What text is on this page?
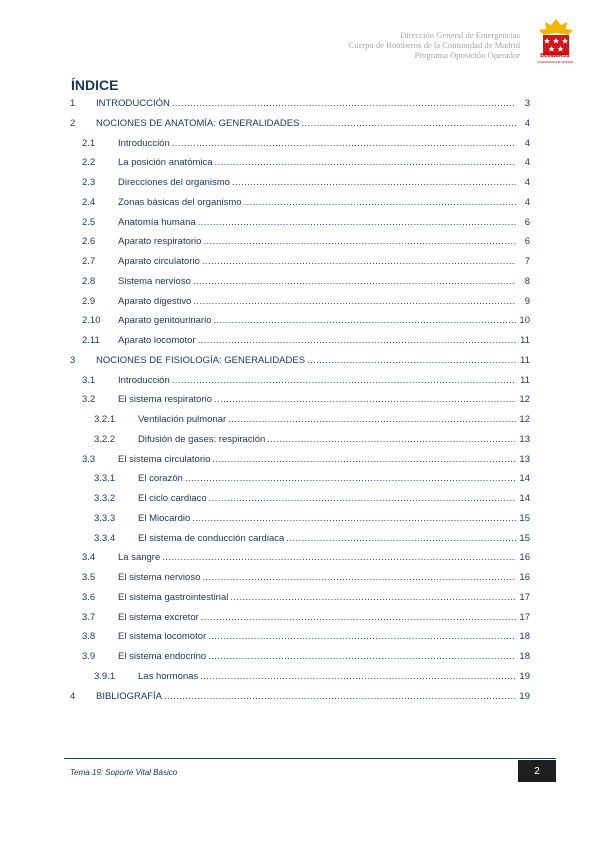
Dirección General de Emergencias
Cuerpo de Bomberos de la Comunidad de Madrid
Programa Oposición Operador	BOMBEROS
COMUNIDAD DE MADRID
ÍNDICE
1	INTRODUCCIÓN .....	3
2	NOCIONES DE ANATOMÍA: GENERALIDADES .....	4
2.1	Introducción .....	4
2.2	La posición anatómica .....	4
2.3	Direcciones del organismo .....	4
2.4	Zonas básicas del organismo .....	4
2.5	Anatomía humana .....	6
2.6	Aparato respiratorio .....	6
2.7	Aparato circulatorio .....	7
2.8	Sistema nervioso .....	8
2.9	Aparato digestivo .....	9
2.10	Aparato genitourinario .....	10
2.11	Aparato locomotor .....	11
3	NOCIONES DE FISIOLOGÍA: GENERALIDADES .....	11
3.1	Introducción .....	11
3.2	El sistema respiratorio .....	12
3.2.1	Ventilación pulmonar .....	12
3.2.2	Difusión de gases: respiración .....	13
3.3	El sistema circulatorio .....	13
3.3.1	El corazón .....	14
3.3.2	El ciclo cardiaco .....	14
3.3.3	El Miocardio .....	15
3.3.4	El sistema de conducción cardiaca .....	15
3.4	La sangre .....	16
3.5	El sistema nervioso .....	16
3.6	El sistema gastrointestinal .....	17
3.7	El sistema excretor .....	17
3.8	El sistema locomotor .....	18
3.9	El sistema endocrino .....	18
3.9.1	Las hormonas .....	19
4	BIBLIOGRAFÍA .....	19
Tema 19: Soporte Vital Básico	2
